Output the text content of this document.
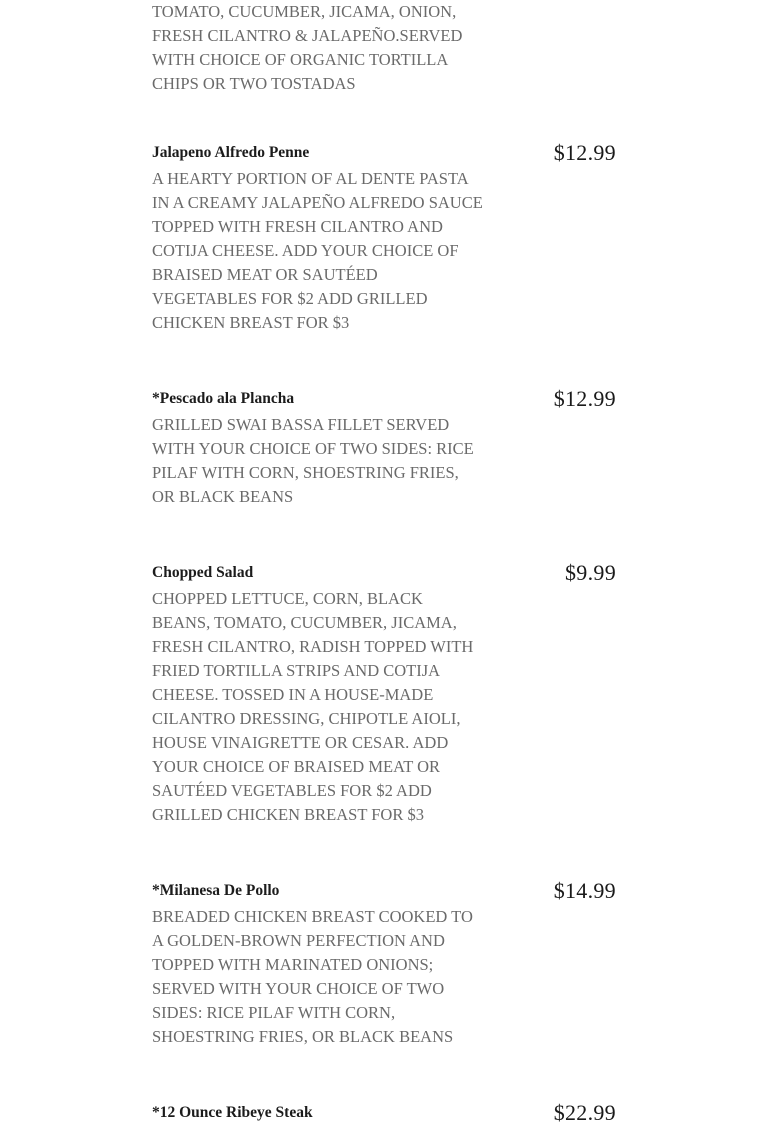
TOMATO, CUCUMBER, JICAMA, ONION,
FRESH CILANTRO & JALAPEÑO.SERVED
WITH CHOICE OF ORGANIC TORTILLA
CHIPS OR TWO TOSTADAS
Jalapeno Alfredo Penne	$12.99
A HEARTY PORTION OF AL DENTE PASTA
IN A CREAMY JALAPEÑO ALFREDO SAUCE
TOPPED WITH FRESH CILANTRO AND
COTIJA CHEESE. ADD YOUR CHOICE OF
BRAISED MEAT OR SAUTÉED
VEGETABLES FOR $2 ADD GRILLED
CHICKEN BREAST FOR $3
*Pescado ala Plancha	$12.99
GRILLED SWAI BASSA FILLET SERVED
WITH YOUR CHOICE OF TWO SIDES: RICE
PILAF WITH CORN, SHOESTRING FRIES,
OR BLACK BEANS
Chopped Salad	$9.99
CHOPPED LETTUCE, CORN, BLACK
BEANS, TOMATO, CUCUMBER, JICAMA,
FRESH CILANTRO, RADISH TOPPED WITH
FRIED TORTILLA STRIPS AND COTIJA
CHEESE. TOSSED IN A HOUSE-MADE
CILANTRO DRESSING, CHIPOTLE AIOLI,
HOUSE VINAIGRETTE OR CESAR. ADD
YOUR CHOICE OF BRAISED MEAT OR
SAUTÉED VEGETABLES FOR $2 ADD
GRILLED CHICKEN BREAST FOR $3
*Milanesa De Pollo	$14.99
BREADED CHICKEN BREAST COOKED TO
A GOLDEN-BROWN PERFECTION AND
TOPPED WITH MARINATED ONIONS;
SERVED WITH YOUR CHOICE OF TWO
SIDES: RICE PILAF WITH CORN,
SHOESTRING FRIES, OR BLACK BEANS
*12 Ounce Ribeye Steak	$22.99
